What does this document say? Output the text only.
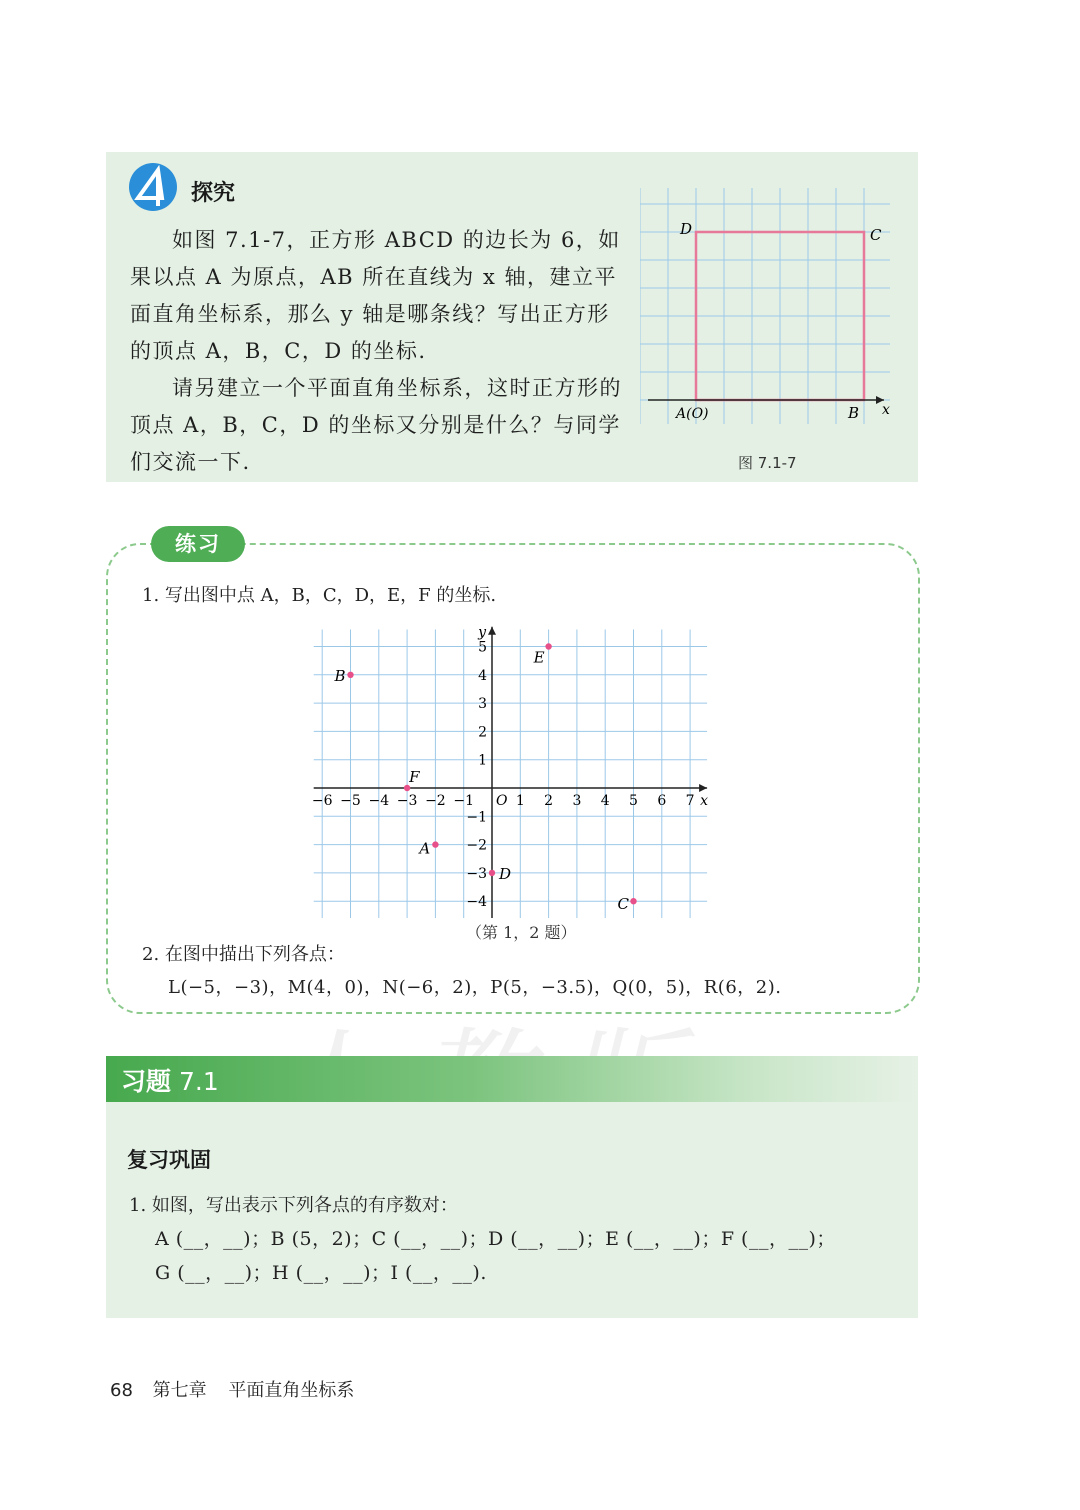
探究

如图 7.1-7，正方形 ABCD 的边长为 6，如果以点 A 为原点，AB 所在直线为 x 轴，建立平面直角坐标系，那么 y 轴是哪条线？写出正方形的顶点 A，B，C，D 的坐标.

请另建立一个平面直角坐标系，这时正方形的顶点 A，B，C，D 的坐标又分别是什么？与同学们交流一下.

D	C
A(O)	B x
图 7.1-7
练习
1. 写出图中点 A，B，C，D，E，F 的坐标.
−6 −5 −4 −3 −2 −1	1 2 3 4 5 6 7
5
4
3
2
1
−1
−2
−3
−4
O	x
y
A
B
C
D
E
F
（第 1，2 题）
2. 在图中描出下列各点：
L(−5，−3)，M(4，0)，N(−6，2)，P(5，−3.5)，Q(0，5)，R(6，2).
习题 7.1
复习巩固
1. 如图，写出表示下列各点的有序数对：
A (__，__)；B (5，2)；C (__，__)；D (__，__)；E (__，__)；F (__，__)；
G (__，__)；H (__，__)；I (__，__).
68 第七章 平面直角坐标系
